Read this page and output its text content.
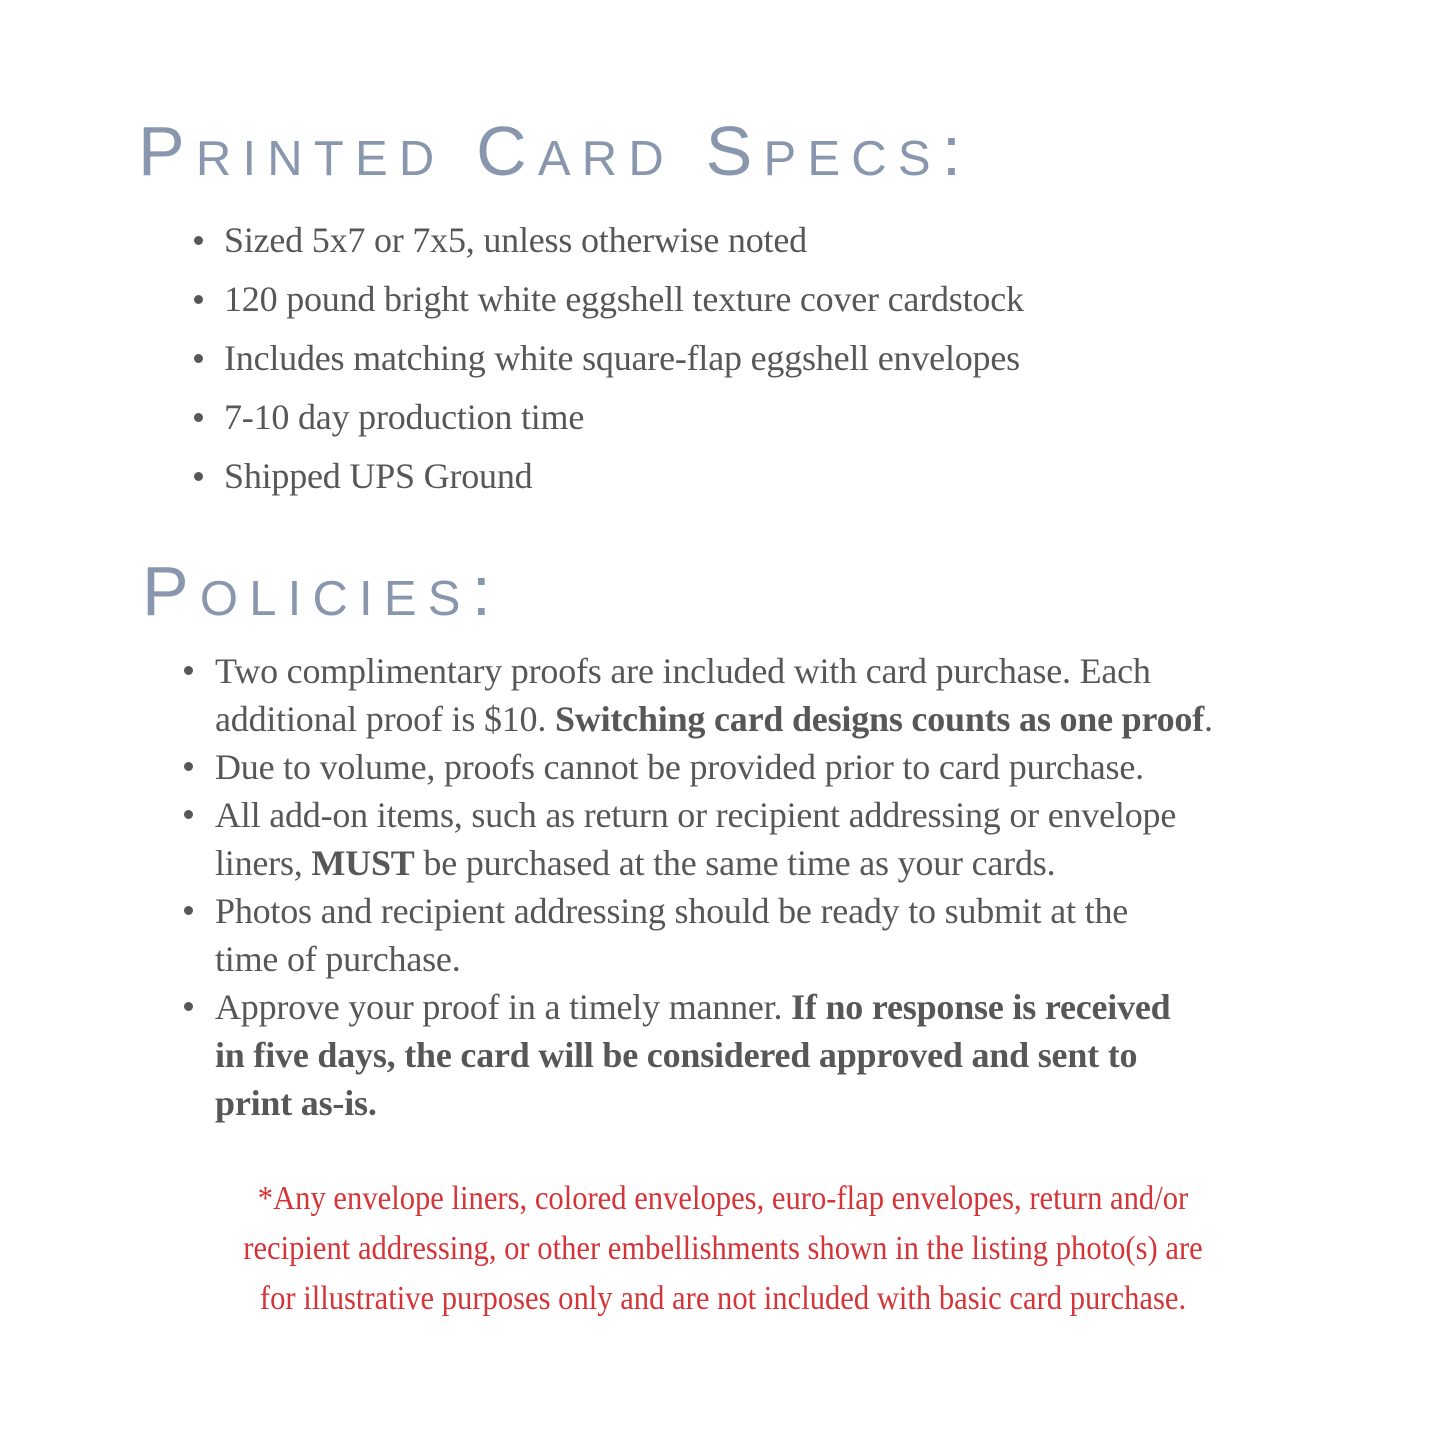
Printed Card Specs:
Sized 5x7 or 7x5, unless otherwise noted
120 pound bright white eggshell texture cover cardstock
Includes matching white square-flap eggshell envelopes
7-10 day production time
Shipped UPS Ground
Policies:
Two complimentary proofs are included with card purchase. Each
additional proof is $10. Switching card designs counts as one proof.
Due to volume, proofs cannot be provided prior to card purchase.
All add-on items, such as return or recipient addressing or envelope
liners, MUST be purchased at the same time as your cards.
Photos and recipient addressing should be ready to submit at the
time of purchase.
Approve your proof in a timely manner. If no response is received
in five days, the card will be considered approved and sent to
print as-is.
*Any envelope liners, colored envelopes, euro-flap envelopes, return and/or
recipient addressing, or other embellishments shown in the listing photo(s) are
for illustrative purposes only and are not included with basic card purchase.
